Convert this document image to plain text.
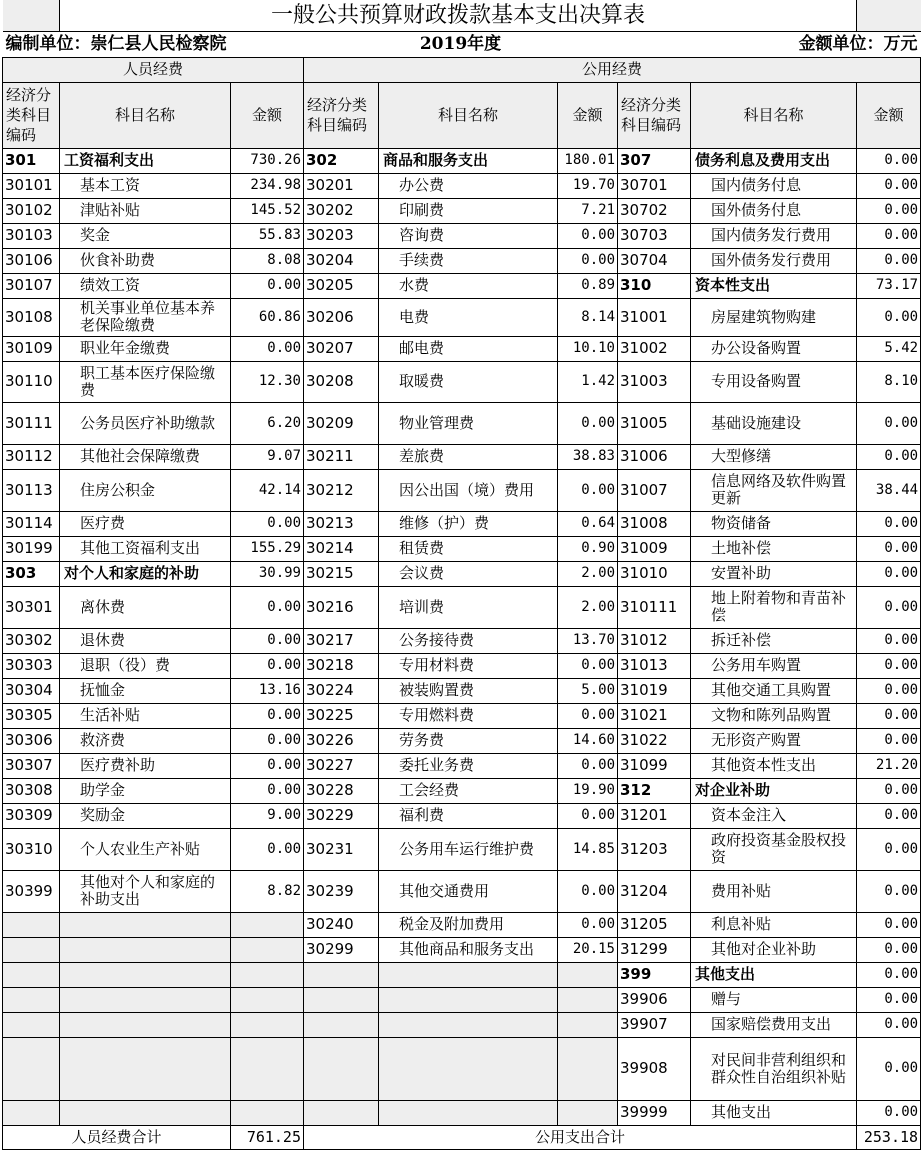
	一般公共预算财政拨款基本支出决算表							
编制单位：崇仁县人民检察院			2019年度			金额单位：万元		
人员经费			公用经费					
经济分类科目编码	科目名称	金额	经济分类科目编码	科目名称	金额	经济分类科目编码	科目名称	金额
301	工资福利支出	730.26	302	商品和服务支出	180.01	307	债务利息及费用支出	0.00
30101	基本工资	234.98	30201	办公费	19.70	30701	国内债务付息	0.00
30102	津贴补贴	145.52	30202	印刷费	7.21	30702	国外债务付息	0.00
30103	奖金	55.83	30203	咨询费	0.00	30703	国内债务发行费用	0.00
30106	伙食补助费	8.08	30204	手续费	0.00	30704	国外债务发行费用	0.00
30107	绩效工资	0.00	30205	水费	0.89	310	资本性支出	73.17
30108	机关事业单位基本养老保险缴费	60.86	30206	电费	8.14	31001	房屋建筑物购建	0.00
30109	职业年金缴费	0.00	30207	邮电费	10.10	31002	办公设备购置	5.42
30110	职工基本医疗保险缴费	12.30	30208	取暖费	1.42	31003	专用设备购置	8.10
30111	公务员医疗补助缴款	6.20	30209	物业管理费	0.00	31005	基础设施建设	0.00
30112	其他社会保障缴费	9.07	30211	差旅费	38.83	31006	大型修缮	0.00
30113	住房公积金	42.14	30212	因公出国（境）费用	0.00	31007	信息网络及软件购置更新	38.44
30114	医疗费	0.00	30213	维修（护）费	0.64	31008	物资储备	0.00
30199	其他工资福利支出	155.29	30214	租赁费	0.90	31009	土地补偿	0.00
303	对个人和家庭的补助	30.99	30215	会议费	2.00	31010	安置补助	0.00
30301	离休费	0.00	30216	培训费	2.00	310111	地上附着物和青苗补偿	0.00
30302	退休费	0.00	30217	公务接待费	13.70	31012	拆迁补偿	0.00
30303	退职（役）费	0.00	30218	专用材料费	0.00	31013	公务用车购置	0.00
30304	抚恤金	13.16	30224	被装购置费	5.00	31019	其他交通工具购置	0.00
30305	生活补贴	0.00	30225	专用燃料费	0.00	31021	文物和陈列品购置	0.00
30306	救济费	0.00	30226	劳务费	14.60	31022	无形资产购置	0.00
30307	医疗费补助	0.00	30227	委托业务费	0.00	31099	其他资本性支出	21.20
30308	助学金	0.00	30228	工会经费	19.90	312	对企业补助	0.00
30309	奖励金	9.00	30229	福利费	0.00	31201	资本金注入	0.00
30310	个人农业生产补贴	0.00	30231	公务用车运行维护费	14.85	31203	政府投资基金股权投资	0.00
30399	其他对个人和家庭的补助支出	8.82	30239	其他交通费用	0.00	31204	费用补贴	0.00
			30240	税金及附加费用	0.00	31205	利息补贴	0.00
			30299	其他商品和服务支出	20.15	31299	其他对企业补助	0.00
						399	其他支出	0.00
						39906	赠与	0.00
						39907	国家赔偿费用支出	0.00
						39908	对民间非营利组织和群众性自治组织补贴	0.00
						39999	其他支出	0.00
人员经费合计		761.25	公用支出合计					253.18
